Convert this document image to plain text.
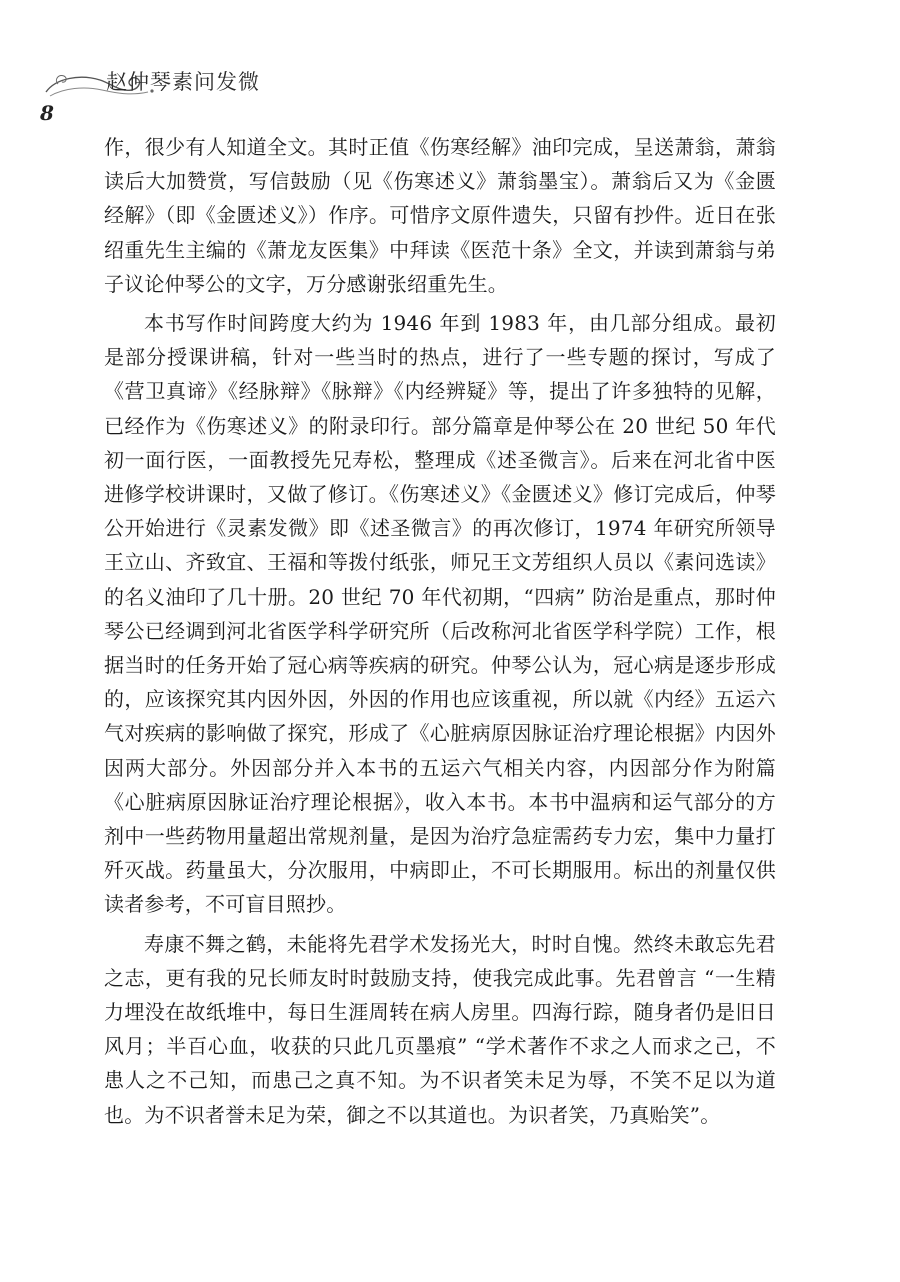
赵仲琴素问发微
8

作，很少有人知道全文。其时正值《伤寒经解》油印完成，呈送萧翁，萧翁读后大加赞赏，写信鼓励（见《伤寒述义》萧翁墨宝）。萧翁后又为《金匮经解》（即《金匮述义》）作序。可惜序文原件遗失，只留有抄件。近日在张绍重先生主编的《萧龙友医集》中拜读《医范十条》全文，并读到萧翁与弟子议论仲琴公的文字，万分感谢张绍重先生。

本书写作时间跨度大约为 1946 年到 1983 年，由几部分组成。最初是部分授课讲稿，针对一些当时的热点，进行了一些专题的探讨，写成了《营卫真谛》《经脉辩》《脉辩》《内经辨疑》等，提出了许多独特的见解，已经作为《伤寒述义》的附录印行。部分篇章是仲琴公在 20 世纪 50 年代初一面行医，一面教授先兄寿松，整理成《述圣微言》。后来在河北省中医进修学校讲课时，又做了修订。《伤寒述义》《金匮述义》修订完成后，仲琴公开始进行《灵素发微》即《述圣微言》的再次修订，1974 年研究所领导王立山、齐致宜、王福和等拨付纸张，师兄王文芳组织人员以《素问选读》的名义油印了几十册。20 世纪 70 年代初期，“四病” 防治是重点，那时仲琴公已经调到河北省医学科学研究所（后改称河北省医学科学院）工作，根据当时的任务开始了冠心病等疾病的研究。仲琴公认为，冠心病是逐步形成的，应该探究其内因外因，外因的作用也应该重视，所以就《内经》五运六气对疾病的影响做了探究，形成了《心脏病原因脉证治疗理论根据》内因外因两大部分。外因部分并入本书的五运六气相关内容，内因部分作为附篇《心脏病原因脉证治疗理论根据》，收入本书。本书中温病和运气部分的方剂中一些药物用量超出常规剂量，是因为治疗急症需药专力宏，集中力量打歼灭战。药量虽大，分次服用，中病即止，不可长期服用。标出的剂量仅供读者参考，不可盲目照抄。

寿康不舞之鹤，未能将先君学术发扬光大，时时自愧。然终未敢忘先君之志，更有我的兄长师友时时鼓励支持，使我完成此事。先君曾言 “一生精力埋没在故纸堆中，每日生涯周转在病人房里。四海行踪，随身者仍是旧日风月；半百心血，收获的只此几页墨痕” “学术著作不求之人而求之己，不患人之不己知，而患己之真不知。为不识者笑未足为辱，不笑不足以为道也。为不识者誉未足为荣，御之不以其道也。为识者笑，乃真贻笑”。
